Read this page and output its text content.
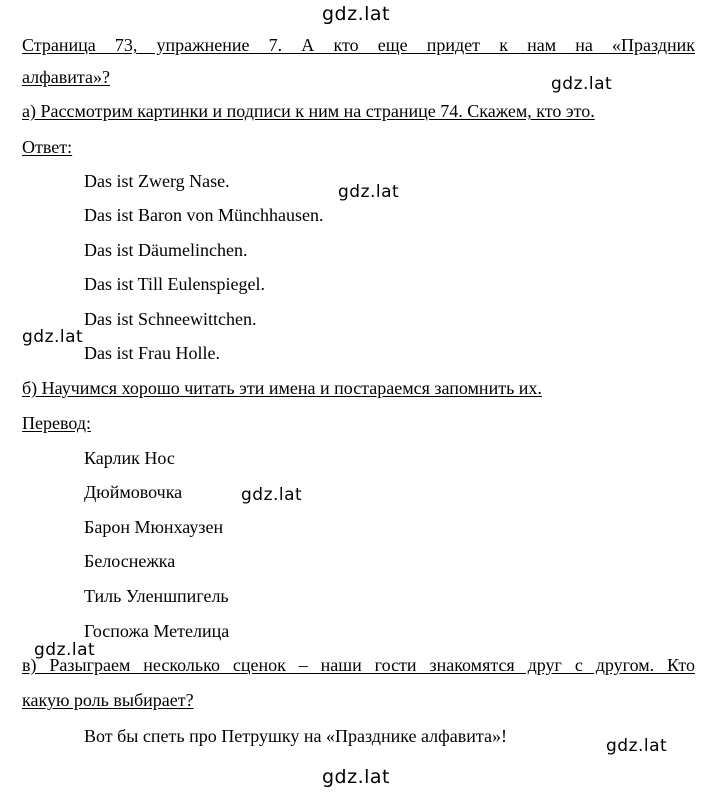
Страница 73, упражнение 7. А кто еще придет к нам на «Праздник
алфавита»?
а) Рассмотрим картинки и подписи к ним на странице 74. Скажем, кто это.
Ответ:
Das ist Zwerg Nase.
Das ist Baron von Münchhausen.
Das ist Däumelinchen.
Das ist Till Eulenspiegel.
Das ist Schneewittchen.
Das ist Frau Holle.
б) Научимся хорошо читать эти имена и постараемся запомнить их.
Перевод:
Карлик Нос
Дюймовочка
Барон Мюнхаузен
Белоснежка
Тиль Уленшпигель
Госпожа Метелица
в) Разыграем несколько сценок – наши гости знакомятся друг с другом. Кто
какую роль выбирает?
Вот бы спеть про Петрушку на «Празднике алфавита»!
gdz.lat
gdz.lat
gdz.lat
gdz.lat
gdz.lat
gdz.lat
gdz.lat
gdz.lat
